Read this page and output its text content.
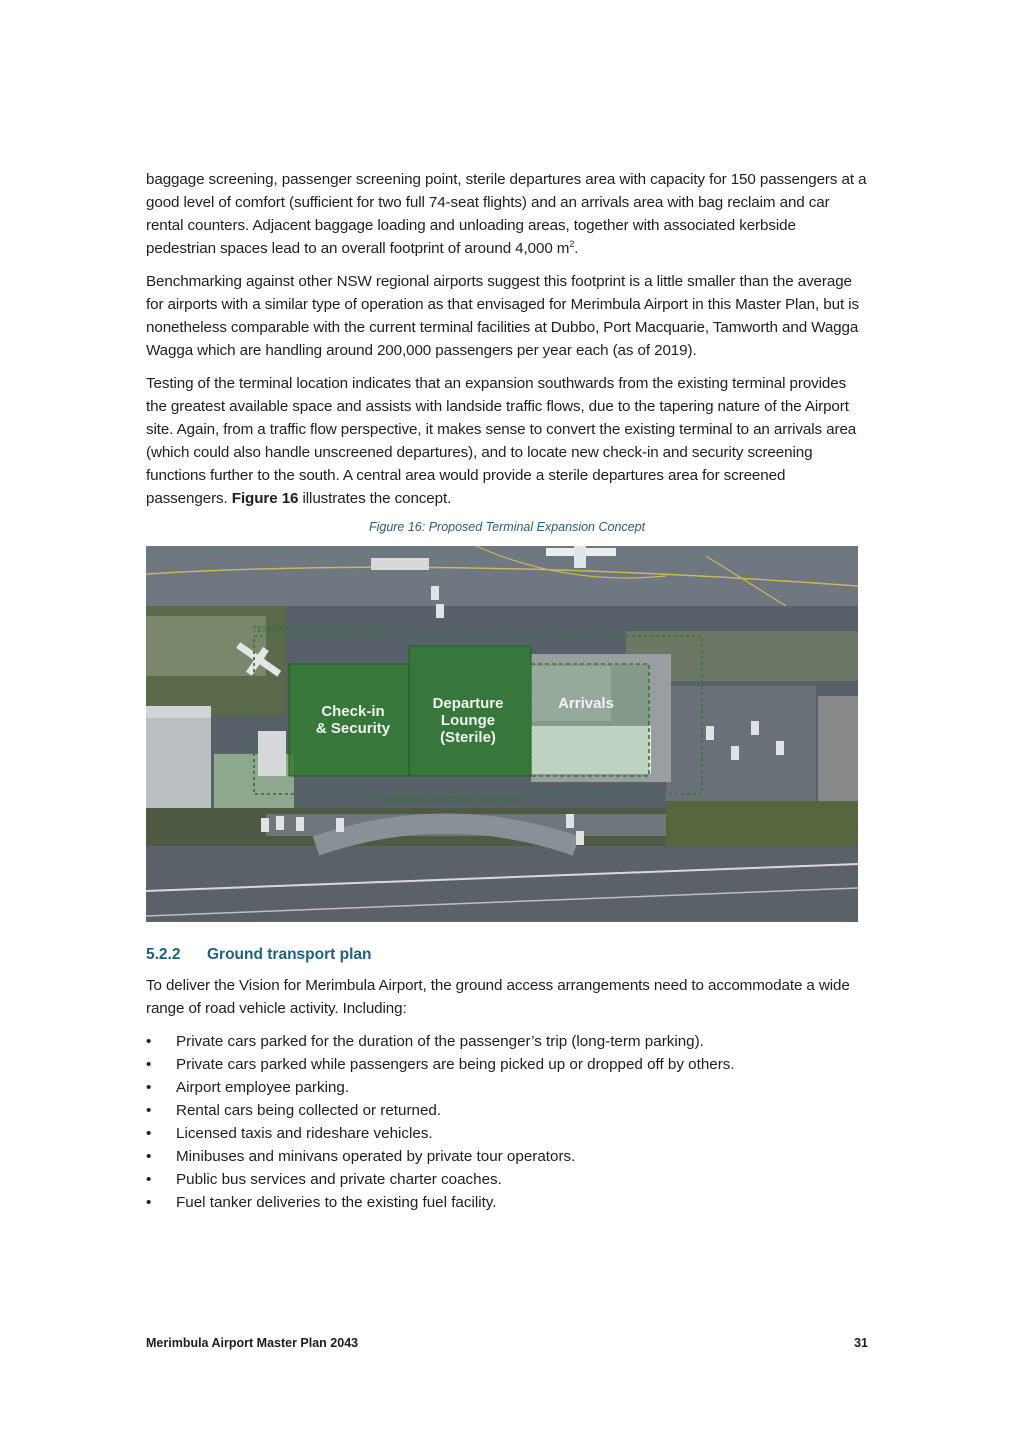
baggage screening, passenger screening point, sterile departures area with capacity for 150 passengers at a good level of comfort (sufficient for two full 74-seat flights) and an arrivals area with bag reclaim and car rental counters. Adjacent baggage loading and unloading areas, together with associated kerbside pedestrian spaces lead to an overall footprint of around 4,000 $m^2$.

Benchmarking against other NSW regional airports suggest this footprint is a little smaller than the average for airports with a similar type of operation as that envisaged for Merimbula Airport in this Master Plan, but is nonetheless comparable with the current terminal facilities at Dubbo, Port Macquarie, Tamworth and Wagga Wagga which are handling around 200,000 passengers per year each (as of 2019).

Testing of the terminal location indicates that an expansion southwards from the existing terminal provides the greatest available space and assists with landside traffic flows, due to the tapering nature of the Airport site. Again, from a traffic flow perspective, it makes sense to convert the existing terminal to an arrivals area (which could also handle unscreened departures), and to locate new check-in and security screening functions further to the south. A central area would provide a sterile departures area for screened passengers. Figure 16 illustrates the concept.

Figure 16: Proposed Terminal Expansion Concept
Check-in
& Security
Departure
Lounge
(Sterile)
Arrivals
TERMINAL FOOTPRINT RESERVE
TERMINAL FOOTPRINT RESERVE
5.2.2 Ground transport plan

To deliver the Vision for Merimbula Airport, the ground access arrangements need to accommodate a wide range of road vehicle activity. Including:

• Private cars parked for the duration of the passenger’s trip (long-term parking).
• Private cars parked while passengers are being picked up or dropped off by others.
• Airport employee parking.
• Rental cars being collected or returned.
• Licensed taxis and rideshare vehicles.
• Minibuses and minivans operated by private tour operators.
• Public bus services and private charter coaches.
• Fuel tanker deliveries to the existing fuel facility.
Merimbula Airport Master Plan 2043	31
